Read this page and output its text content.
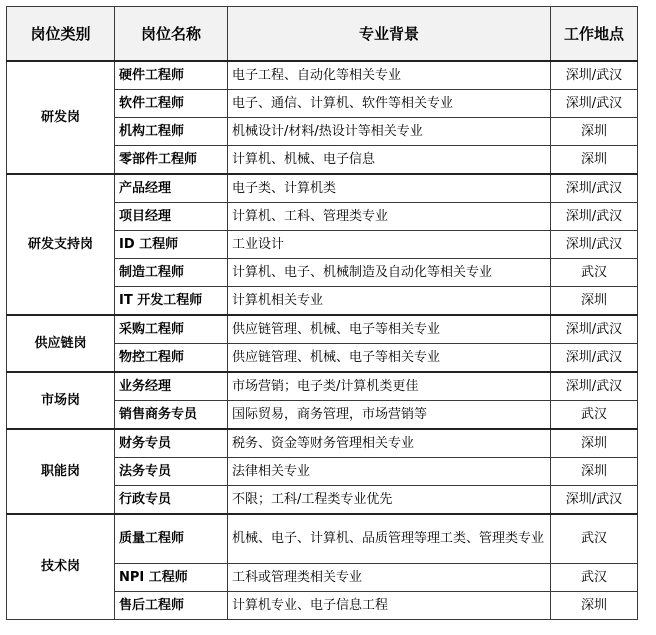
岗位类别	岗位名称	专业背景	工作地点
研发岗	硬件工程师	电子工程、自动化等相关专业	深圳/武汉
	软件工程师	电子、通信、计算机、软件等相关专业	深圳/武汉
	机构工程师	机械设计/材料/热设计等相关专业	深圳
	零部件工程师	计算机、机械、电子信息	深圳
研发支持岗	产品经理	电子类、计算机类	深圳/武汉
	项目经理	计算机、工科、管理类专业	深圳/武汉
	ID 工程师	工业设计	深圳/武汉
	制造工程师	计算机、电子、机械制造及自动化等相关专业	武汉
	IT 开发工程师	计算机相关专业	深圳
供应链岗	采购工程师	供应链管理、机械、电子等相关专业	深圳/武汉
	物控工程师	供应链管理、机械、电子等相关专业	深圳/武汉
市场岗	业务经理	市场营销；电子类/计算机类更佳	深圳/武汉
	销售商务专员	国际贸易，商务管理，市场营销等	武汉
职能岗	财务专员	税务、资金等财务管理相关专业	深圳
	法务专员	法律相关专业	深圳
	行政专员	不限；工科/工程类专业优先	深圳/武汉
技术岗	质量工程师	机械、电子、计算机、品质管理等理工类、管理类专业	武汉
	NPI 工程师	工科或管理类相关专业	武汉
	售后工程师	计算机专业、电子信息工程	深圳
